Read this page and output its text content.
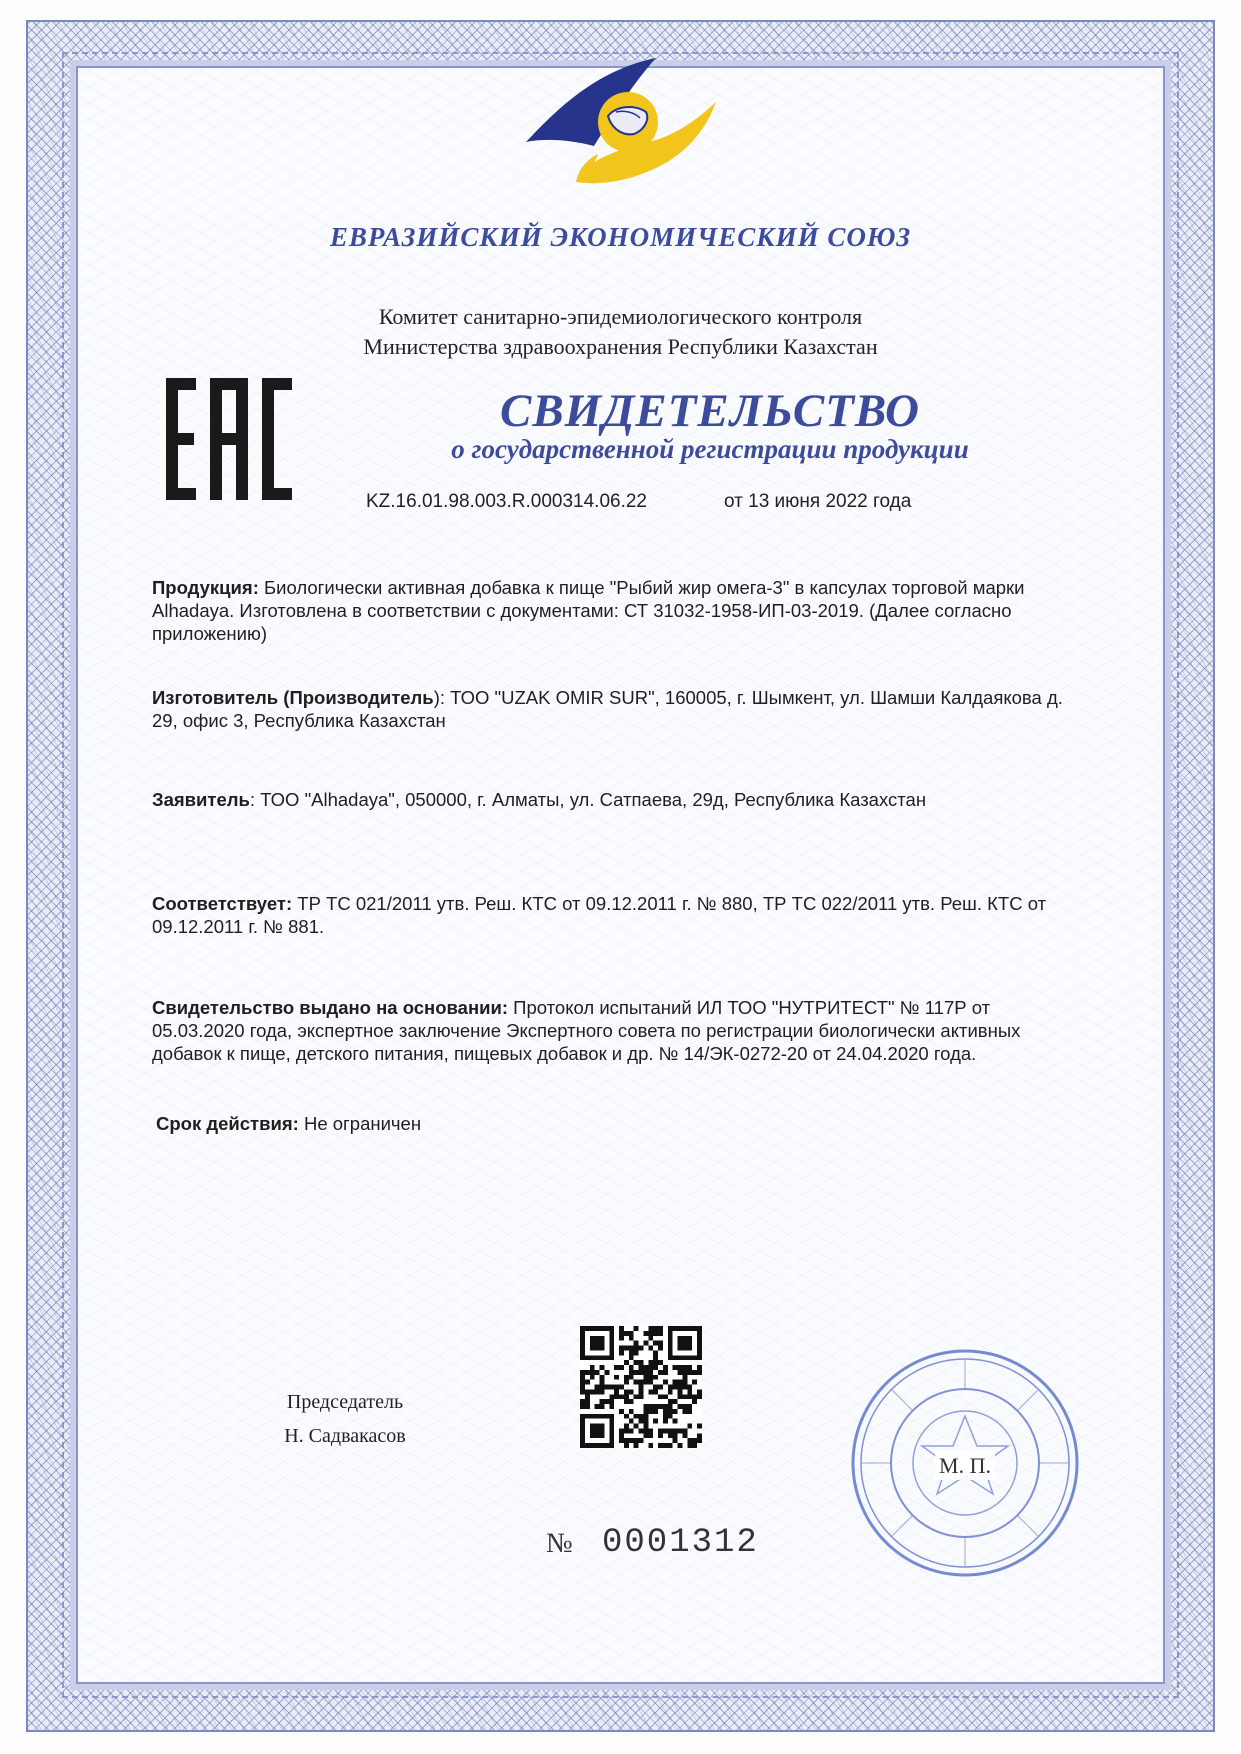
ЕВРАЗИЙСКИЙ ЭКОНОМИЧЕСКИЙ СОЮЗ
Комитет санитарно-эпидемиологического контроля
Министерства здравоохранения Республики Казахстан
СВИДЕТЕЛЬСТВО
о государственной регистрации продукции
KZ.16.01.98.003.R.000314.06.22	от 13 июня 2022 года
Продукция: Биологически активная добавка к пище "Рыбий жир омега-3" в капсулах торговой марки Alhadaya. Изготовлена в соответствии с документами: СТ 31032-1958-ИП-03-2019. (Далее согласно приложению)
Изготовитель (Производитель): ТОО "UZAK OMIR SUR", 160005, г. Шымкент, ул. Шамши Калдаякова д. 29, офис 3, Республика Казахстан
Заявитель: ТОО "Alhadaya", 050000, г. Алматы, ул. Сатпаева, 29д, Республика Казахстан
Соответствует: ТР ТС 021/2011 утв. Реш. КТС от 09.12.2011 г. № 880, ТР ТС 022/2011 утв. Реш. КТС от 09.12.2011 г. № 881.
Свидетельство выдано на основании: Протокол испытаний ИЛ ТОО "НУТРИТЕСТ" № 117Р от 05.03.2020 года, экспертное заключение Экспертного совета по регистрации биологически активных добавок к пище, детского питания, пищевых добавок и др. № 14/ЭК-0272-20 от 24.04.2020 года.
Срок действия: Не ограничен
Председатель
Н. Садвакасов
М. П.
№ 0001312
